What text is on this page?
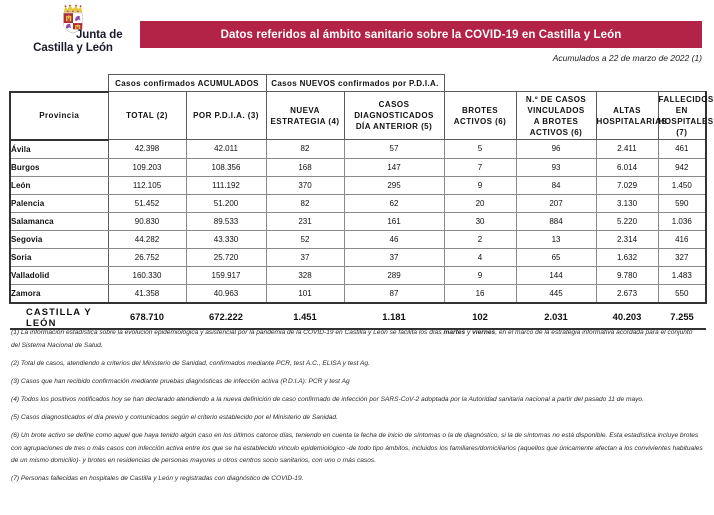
Junta de
Castilla y León
Datos referidos al ámbito sanitario sobre la COVID-19 en Castilla y León
Acumulados a 22 de marzo de 2022 (1)
	Casos confirmados ACUMULADOS		Casos NUEVOS confirmados por P.D.I.A.					
Provincia	TOTAL (2)	POR P.D.I.A. (3)	
NUEVA
ESTRATEGIA (4)

CASOS
DIAGNOSTICADOS
DÍA ANTERIOR (5)

BROTES
ACTIVOS (6)

N.º DE CASOS
VINCULADOS
A BROTES
ACTIVOS (6)

ALTAS
HOSPITALARIAS

FALLECIDOS
EN
HOSPITALES
(7)

Ávila	42.398	42.011	82	57	5	96	2.411	461
Burgos	109.203	108.356	168	147	7	93	6.014	942
León	112.105	111.192	370	295	9	84	7.029	1.450
Palencia	51.452	51.200	82	62	20	207	3.130	590
Salamanca	90.830	89.533	231	161	30	884	5.220	1.036
Segovia	44.282	43.330	52	46	2	13	2.314	416
Soria	26.752	25.720	37	37	4	65	1.632	327
Valladolid	160.330	159.917	328	289	9	144	9.780	1.483
Zamora	41.358	40.963	101	87	16	445	2.673	550
CASTILLA Y LEÓN	678.710	672.222	1.451	1.181	102	2.031	40.203	7.255
(1) La información estadística sobre la evolución epidemiológica y asistencial por la pandemia de la COVID-19 en Castilla y León se facilita los días martes y viernes, en el marco de la estrategia informativa acordada para el conjunto del Sistema Nacional de Salud.
(2) Total de casos, atendiendo a criterios del Ministerio de Sanidad, confirmados mediante PCR, test A.C., ELISA y test Ag.
(3) Casos que han recibido confirmación mediante pruebas diagnósticas de infección activa (P.D.I.A): PCR y test Ag
(4) Todos los positivos notificados hoy se han declarado atendiendo a la nueva definición de caso confirmado de infección por SARS-CoV-2 adoptada por la Autoridad sanitaria nacional a partir del pasado 11 de mayo.
(5) Casos diagnosticados el día previo y comunicados según el criterio establecido por el Ministerio de Sanidad.
(6) Un brote activo se define como aquel que haya tenido algún caso en los últimos catorce días, teniendo en cuenta la fecha de inicio de síntomas o la de diagnóstico, si la de síntomas no está disponible. Esta estadística incluye brotes con agrupaciones de tres o más casos con infección activa entre los que se ha establecido vínculo epidemiológico -de todo tipo ámbitos, incluidos los familiares/domiciliarios (aquellos que únicamente afectan a los convivientes habituales de un mismo domicilio)- y brotes en residencias de personas mayores u otros centros socio sanitarios, con uno o más casos.
(7) Personas fallecidas en hospitales de Castilla y León y registradas con diagnóstico de COVID-19.
